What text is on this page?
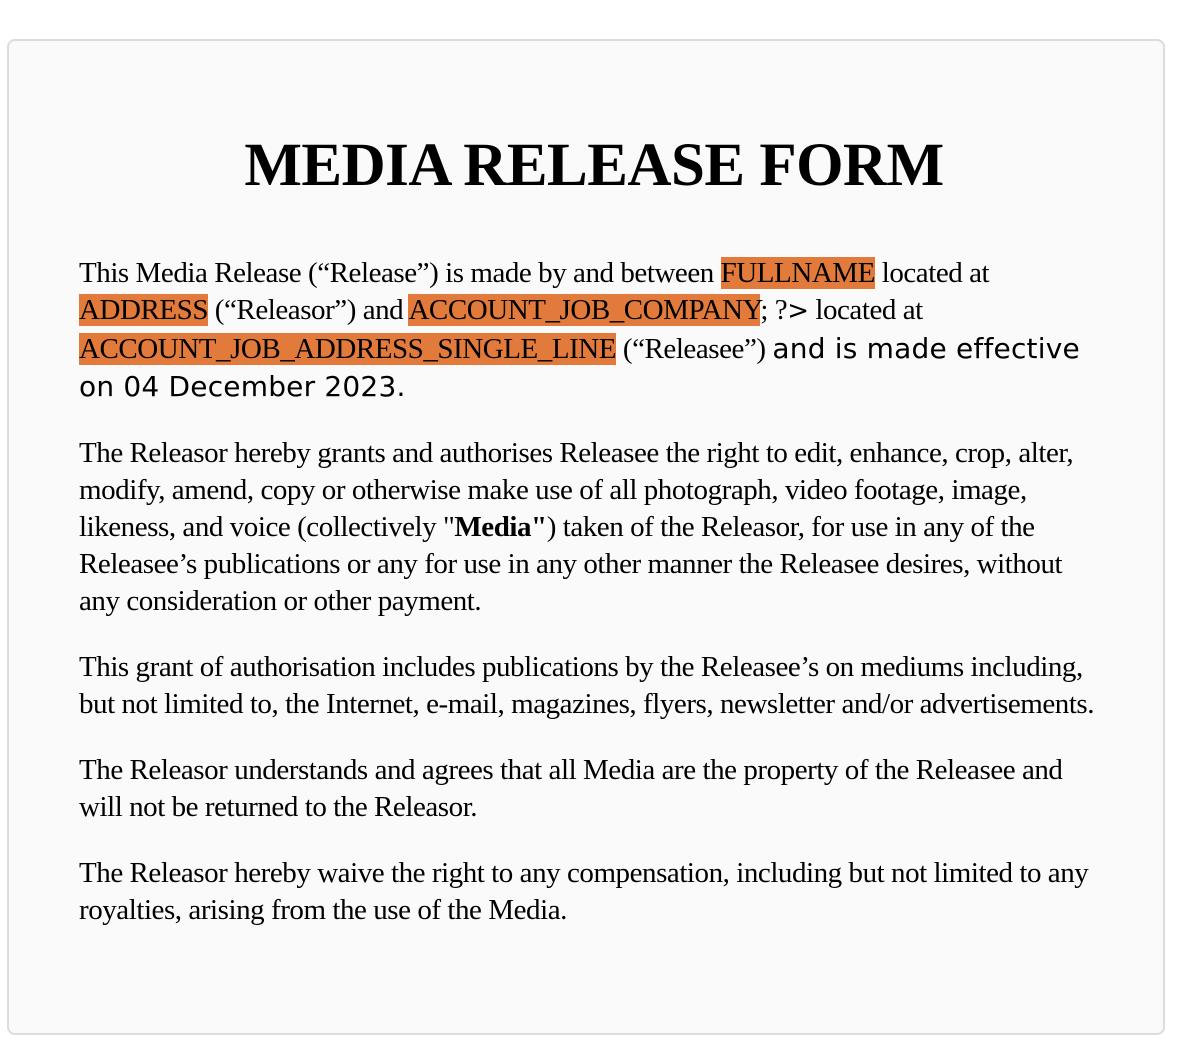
MEDIA RELEASE FORM

This Media Release (“Release”) is made by and between FULLNAME located at ADDRESS (“Releasor”) and ACCOUNT_JOB_COMPANY; ?> located at ACCOUNT_JOB_ADDRESS_SINGLE_LINE (“Releasee”) and is made effective on 04 December 2023.

The Releasor hereby grants and authorises Releasee the right to edit, enhance, crop, alter, modify, amend, copy or otherwise make use of all photograph, video footage, image, likeness, and voice (collectively "Media") taken of the Releasor, for use in any of the Releasee’s publications or any for use in any other manner the Releasee desires, without any consideration or other payment.

This grant of authorisation includes publications by the Releasee’s on mediums including, but not limited to, the Internet, e-mail, magazines, flyers, newsletter and/or advertisements.

The Releasor understands and agrees that all Media are the property of the Releasee and will not be returned to the Releasor.

The Releasor hereby waive the right to any compensation, including but not limited to any royalties, arising from the use of the Media.
